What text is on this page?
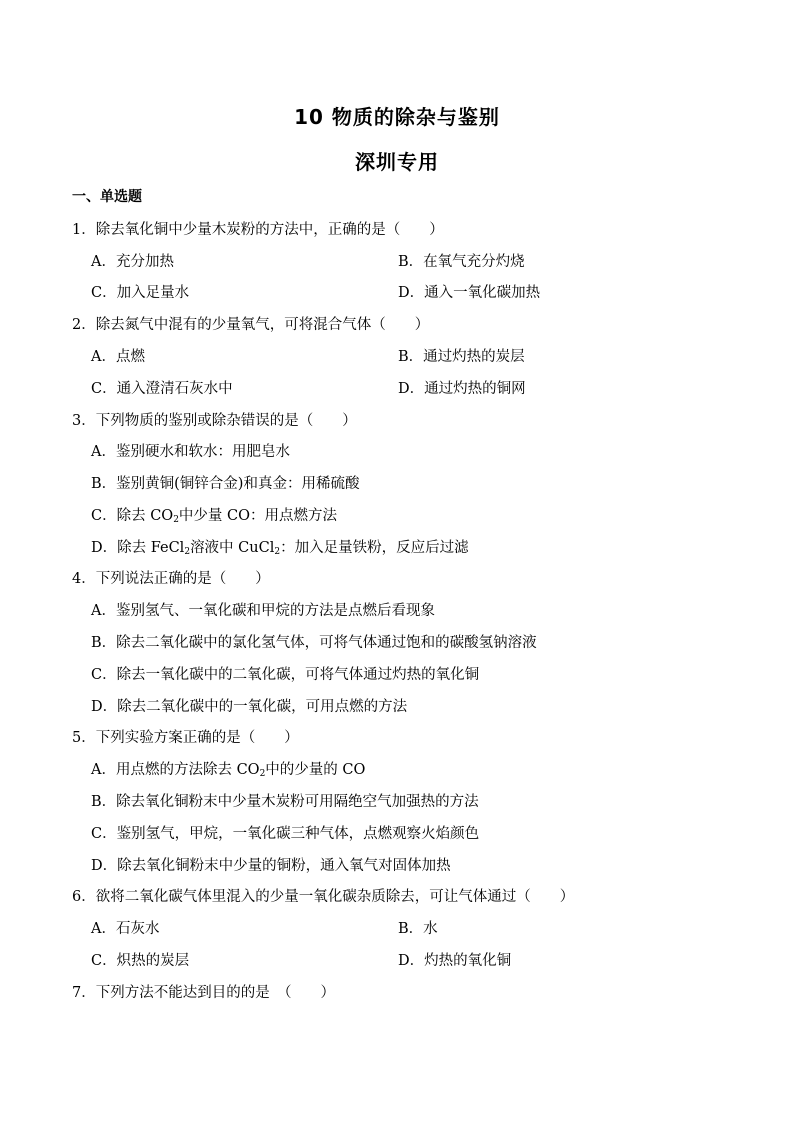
10 物质的除杂与鉴别
深圳专用
一、单选题
1．除去氧化铜中少量木炭粉的方法中，正确的是（　　）
A．充分加热	B．在氧气充分灼烧
C．加入足量水	D．通入一氧化碳加热
2．除去氮气中混有的少量氧气，可将混合气体（　　）
A．点燃	B．通过灼热的炭层
C．通入澄清石灰水中	D．通过灼热的铜网
3．下列物质的鉴别或除杂错误的是（　　）
A．鉴别硬水和软水：用肥皂水
B．鉴别黄铜(铜锌合金)和真金：用稀硫酸
C．除去 $CO_2$中少量 CO：用点燃方法
D．除去 FeCl$_2$溶液中 CuCl$_2$：加入足量铁粉，反应后过滤
4．下列说法正确的是（　　）
A．鉴别氢气、一氧化碳和甲烷的方法是点燃后看现象
B．除去二氧化碳中的氯化氢气体，可将气体通过饱和的碳酸氢钠溶液
C．除去一氧化碳中的二氧化碳，可将气体通过灼热的氧化铜
D．除去二氧化碳中的一氧化碳，可用点燃的方法
5．下列实验方案正确的是（　　）
A．用点燃的方法除去 $CO_2$中的少量的 CO
B．除去氧化铜粉末中少量木炭粉可用隔绝空气加强热的方法
C．鉴别氢气，甲烷，一氧化碳三种气体，点燃观察火焰颜色
D．除去氧化铜粉末中少量的铜粉，通入氧气对固体加热
6．欲将二氧化碳气体里混入的少量一氧化碳杂质除去，可让气体通过（　　）
A．石灰水	B．水
C．炽热的炭层	D．灼热的氧化铜
7．下列方法不能达到目的的是　（　　）
